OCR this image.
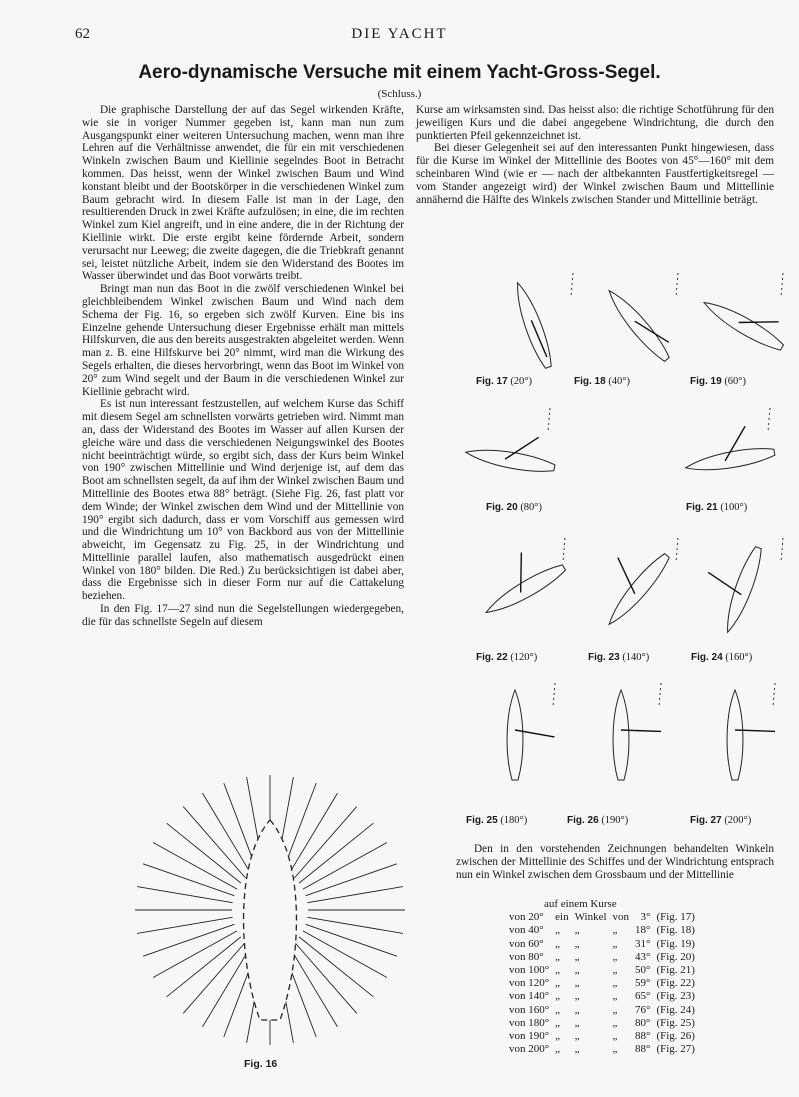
62	DIE YACHT
Aero-dynamische Versuche mit einem Yacht-Gross-Segel.
(Schluss.)

Die graphische Darstellung der auf das Segel wirkenden Kräfte, wie sie in voriger Nummer gegeben ist, kann man nun zum Ausgangspunkt einer weiteren Untersuchung machen, wenn man ihre Lehren auf die Verhältnisse anwendet, die für ein mit verschiedenen Winkeln zwischen Baum und Kiellinie segelndes Boot in Betracht kommen. Das heisst, wenn der Winkel zwischen Baum und Wind konstant bleibt und der Bootskörper in die verschiedenen Winkel zum Baum gebracht wird. In diesem Falle ist man in der Lage, den resultierenden Druck in zwei Kräfte aufzulösen; in eine, die im rechten Winkel zum Kiel angreift, und in eine andere, die in der Richtung der Kiellinie wirkt. Die erste ergibt keine fördernde Arbeit, sondern verursacht nur Leeweg; die zweite dagegen, die die Triebkraft genannt sei, leistet nützliche Arbeit, indem sie den Widerstand des Bootes im Wasser überwindet und das Boot vorwärts treibt.

Bringt man nun das Boot in die zwölf verschiedenen Winkel bei gleichbleibendem Winkel zwischen Baum und Wind nach dem Schema der Fig. 16, so ergeben sich zwölf Kurven. Eine bis ins Einzelne gehende Untersuchung dieser Ergebnisse erhält man mittels Hilfskurven, die aus den bereits ausgestrakten abgeleitet werden. Wenn man z. B. eine Hilfskurve bei 20° nimmt, wird man die Wirkung des Segels erhalten, die dieses hervorbringt, wenn das Boot im Winkel von 20° zum Wind segelt und der Baum in die verschiedenen Winkel zur Kiellinie gebracht wird.

Es ist nun interessant festzustellen, auf welchem Kurse das Schiff mit diesem Segel am schnellsten vorwärts getrieben wird. Nimmt man an, dass der Widerstand des Bootes im Wasser auf allen Kursen der gleiche wäre und dass die verschiedenen Neigungswinkel des Bootes nicht beeinträchtigt würde, so ergibt sich, dass der Kurs beim Winkel von 190° zwischen Mittellinie und Wind derjenige ist, auf dem das Boot am schnellsten segelt, da auf ihm der Winkel zwischen Baum und Mittellinie des Bootes etwa 88° beträgt. (Siehe Fig. 26, fast platt vor dem Winde; der Winkel zwischen dem Wind und der Mittellinie von 190° ergibt sich dadurch, dass er vom Vorschiff aus gemessen wird und die Windrichtung um 10° von Backbord aus von der Mittellinie abweicht, im Gegensatz zu Fig. 25, in der Windrichtung und Mittellinie parallel laufen, also mathematisch ausgedrückt einen Winkel von 180° bilden. Die Red.) Zu berücksichtigen ist dabei aber, dass die Ergebnisse sich in dieser Form nur auf die Cattakelung beziehen.

In den Fig. 17—27 sind nun die Segelstellungen wiedergegeben, die für das schnellste Segeln auf diesem

Kurse am wirksamsten sind. Das heisst also: die richtige Schotführung für den jeweiligen Kurs und die dabei angegebene Windrichtung, die durch den punktierten Pfeil gekennzeichnet ist.

Bei dieser Gelegenheit sei auf den interessanten Punkt hingewiesen, dass für die Kurse im Winkel der Mittellinie des Bootes von 45°—160° mit dem scheinbaren Wind (wie er — nach der altbekannten Faustfertigkeitsregel — vom Stander angezeigt wird) der Winkel zwischen Baum und Mittellinie annähernd die Hälfte des Winkels zwischen Stander und Mittellinie beträgt.

Fig. 16
Fig. 17 (20°)	Fig. 18 (40°)	Fig. 19 (60°)
Fig. 20 (80°)	Fig. 21 (100°)
Fig. 22 (120°)	Fig. 23 (140°)	Fig. 24 (160°)
Fig. 25 (180°)	Fig. 26 (190°)	Fig. 27 (200°)

Den in den vorstehenden Zeichnungen behandelten Winkeln zwischen der Mittellinie des Schiffes und der Windrichtung entsprach nun ein Winkel zwischen dem Grossbaum und der Mittellinie

auf einem Kurse
von 20°	ein	Winkel	von	3°	(Fig. 17)
von 40°	„	„	„	18°	(Fig. 18)
von 60°	„	„	„	31°	(Fig. 19)
von 80°	„	„	„	43°	(Fig. 20)
von 100°	„	„	„	50°	(Fig. 21)
von 120°	„	„	„	59°	(Fig. 22)
von 140°	„	„	„	65°	(Fig. 23)
von 160°	„	„	„	76°	(Fig. 24)
von 180°	„	„	„	80°	(Fig. 25)
von 190°	„	„	„	88°	(Fig. 26)
von 200°	„	„	„	88°	(Fig. 27)
